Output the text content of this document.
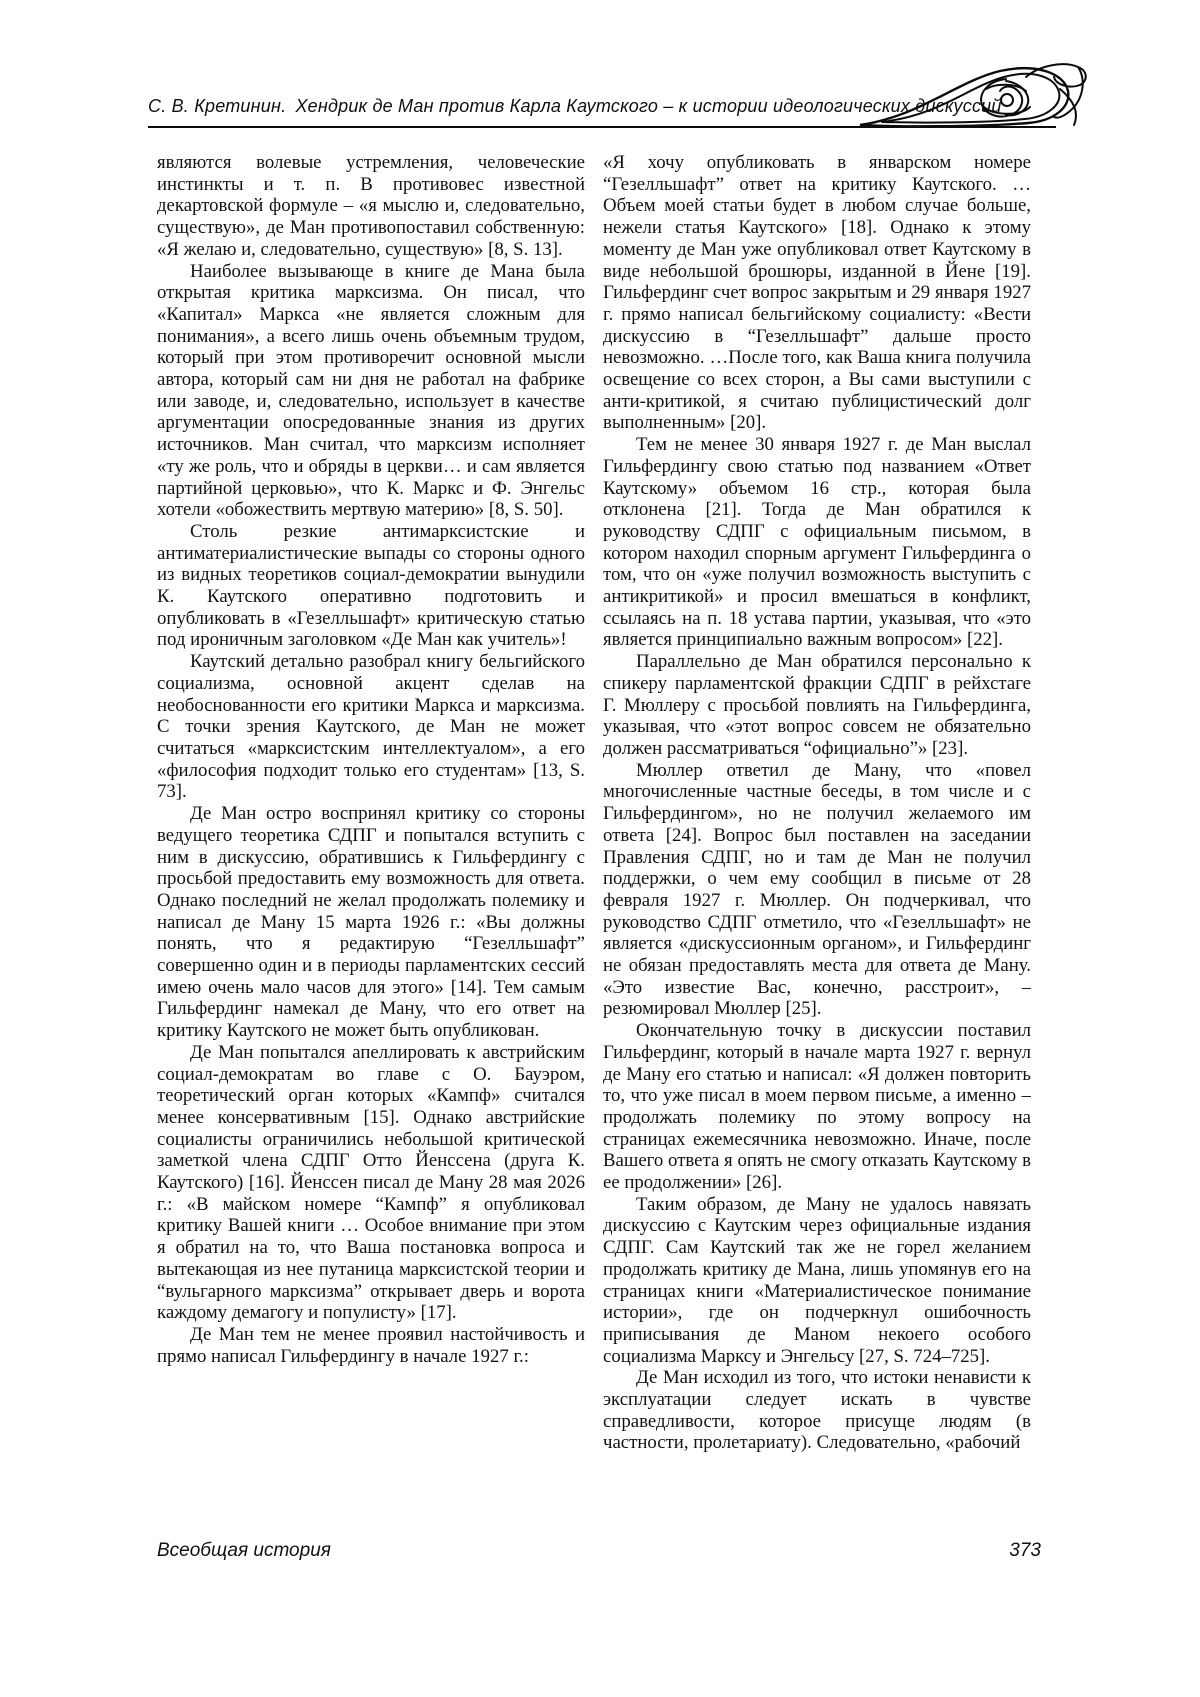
С. В. Кретинин. Хендрик де Ман против Карла Каутского – к истории идеологических дискуссий

являются волевые устремления, человеческие инстинкты и т. п. В противовес известной декартовской формуле – «я мыслю и, следовательно, существую», де Ман противопоставил собственную: «Я желаю и, следовательно, существую» [8, S. 13].

Наиболее вызывающе в книге де Мана была открытая критика марксизма. Он писал, что «Капитал» Маркса «не является сложным для понимания», а всего лишь очень объемным трудом, который при этом противоречит основной мысли автора, который сам ни дня не работал на фабрике или заводе, и, следовательно, использует в качестве аргументации опосредованные знания из других источников. Ман считал, что марксизм исполняет «ту же роль, что и обряды в церкви… и сам является партийной церковью», что К. Маркс и Ф. Энгельс хотели «обожествить мертвую материю» [8, S. 50].

Столь резкие антимарксистские и антиматериалистические выпады со стороны одного из видных теоретиков социал-демократии вынудили К. Каутского оперативно подготовить и опубликовать в «Гезелльшафт» критическую статью под ироничным заголовком «Де Ман как учитель»!

Каутский детально разобрал книгу бельгийского социализма, основной акцент сделав на необоснованности его критики Маркса и марксизма. С точки зрения Каутского, де Ман не может считаться «марксистским интеллектуалом», а его «философия подходит только его студентам» [13, S. 73].

Де Ман остро воспринял критику со стороны ведущего теоретика СДПГ и попытался вступить с ним в дискуссию, обратившись к Гильфердингу с просьбой предоставить ему возможность для ответа. Однако последний не желал продолжать полемику и написал де Ману 15 марта 1926 г.: «Вы должны понять, что я редактирую “Гезелльшафт” совершенно один и в периоды парламентских сессий имею очень мало часов для этого» [14]. Тем самым Гильфердинг намекал де Ману, что его ответ на критику Каутского не может быть опубликован.

Де Ман попытался апеллировать к австрийским социал-демократам во главе с О. Бауэром, теоретический орган которых «Кампф» считался менее консервативным [15]. Однако австрийские социалисты ограничились небольшой критической заметкой члена СДПГ Отто Йенссена (друга К. Каутского) [16]. Йенссен писал де Ману 28 мая 2026 г.: «В майском номере “Кампф” я опубликовал критику Вашей книги … Особое внимание при этом я обратил на то, что Ваша постановка вопроса и вытекающая из нее путаница марксистской теории и “вульгарного марксизма” открывает дверь и ворота каждому демагогу и популисту» [17].

Де Ман тем не менее проявил настойчивость и прямо написал Гильфердингу в начале 1927 г.:

«Я хочу опубликовать в январском номере “Гезелльшафт” ответ на критику Каутского. … Объем моей статьи будет в любом случае больше, нежели статья Каутского» [18]. Однако к этому моменту де Ман уже опубликовал ответ Каутскому в виде небольшой брошюры, изданной в Йене [19]. Гильфердинг счет вопрос закрытым и 29 января 1927 г. прямо написал бельгийскому социалисту: «Вести дискуссию в “Гезелльшафт” дальше просто невозможно. …После того, как Ваша книга получила освещение со всех сторон, а Вы сами выступили с анти-критикой, я считаю публицистический долг выполненным» [20].

Тем не менее 30 января 1927 г. де Ман выслал Гильфердингу свою статью под названием «Ответ Каутскому» объемом 16 стр., которая была отклонена [21]. Тогда де Ман обратился к руководству СДПГ с официальным письмом, в котором находил спорным аргумент Гильфердинга о том, что он «уже получил возможность выступить с антикритикой» и просил вмешаться в конфликт, ссылаясь на п. 18 устава партии, указывая, что «это является принципиально важным вопросом» [22].

Параллельно де Ман обратился персонально к спикеру парламентской фракции СДПГ в рейхстаге Г. Мюллеру с просьбой повлиять на Гильфердинга, указывая, что «этот вопрос совсем не обязательно должен рассматриваться “официально”» [23].

Мюллер ответил де Ману, что «повел многочисленные частные беседы, в том числе и с Гильфердингом», но не получил желаемого им ответа [24]. Вопрос был поставлен на заседании Правления СДПГ, но и там де Ман не получил поддержки, о чем ему сообщил в письме от 28 февраля 1927 г. Мюллер. Он подчеркивал, что руководство СДПГ отметило, что «Гезелльшафт» не является «дискуссионным органом», и Гильфердинг не обязан предоставлять места для ответа де Ману. «Это известие Вас, конечно, расстроит», – резюмировал Мюллер [25].

Окончательную точку в дискуссии поставил Гильфердинг, который в начале марта 1927 г. вернул де Ману его статью и написал: «Я должен повторить то, что уже писал в моем первом письме, а именно – продолжать полемику по этому вопросу на страницах ежемесячника невозможно. Иначе, после Вашего ответа я опять не смогу отказать Каутскому в ее продолжении» [26].

Таким образом, де Ману не удалось навязать дискуссию с Каутским через официальные издания СДПГ. Сам Каутский так же не горел желанием продолжать критику де Мана, лишь упомянув его на страницах книги «Материалистическое понимание истории», где он подчеркнул ошибочность приписывания де Маном некоего особого социализма Марксу и Энгельсу [27, S. 724–725].

Де Ман исходил из того, что истоки ненависти к эксплуатации следует искать в чувстве справедливости, которое присуще людям (в частности, пролетариату). Следовательно, «рабочий

Всеобщая история	373
